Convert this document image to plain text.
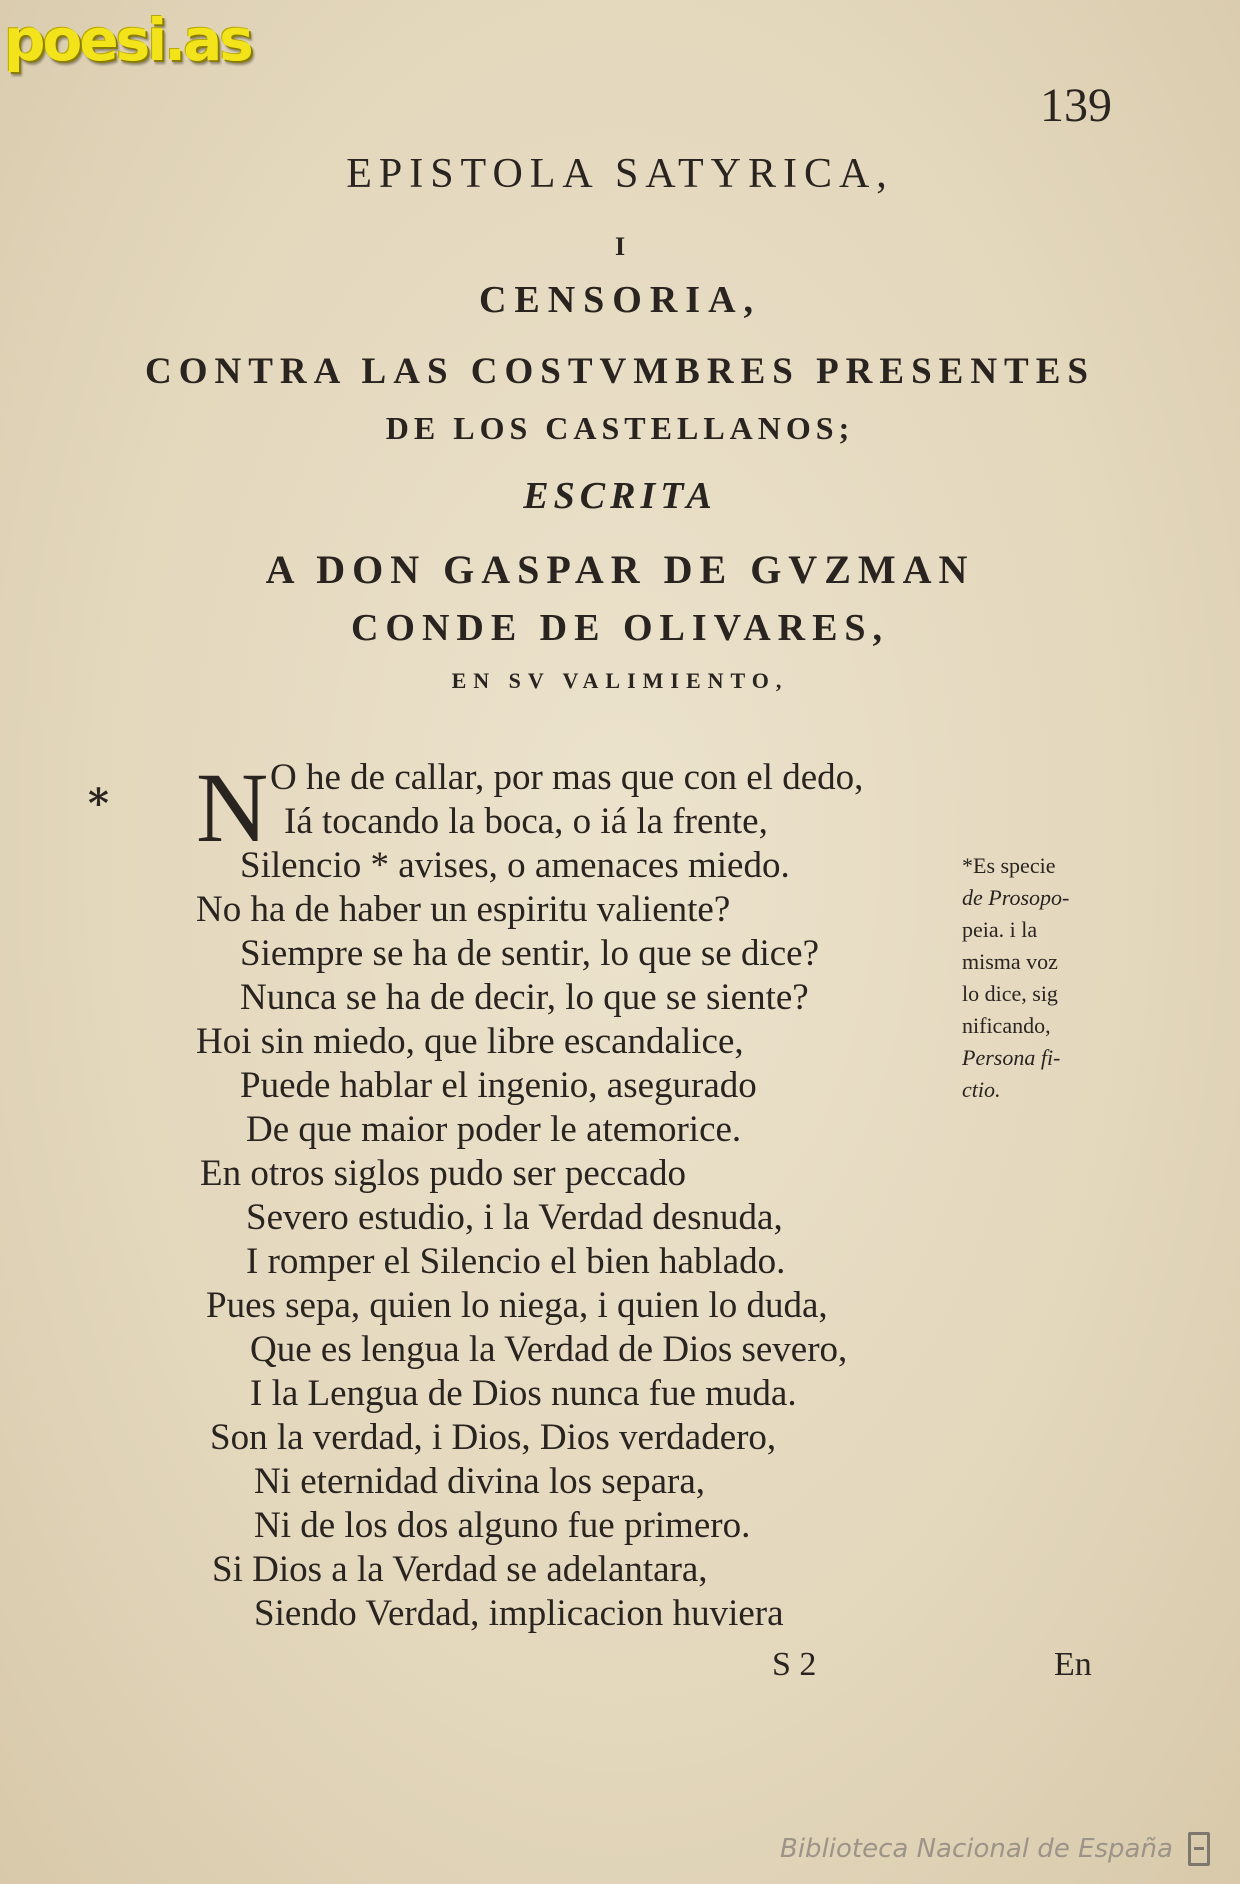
poesi.as
139
EPISTOLA SATYRICA,
I
CENSORIA,
CONTRA LAS COSTVMBRES PRESENTES
DE LOS CASTELLANOS;
ESCRITA
A DON GASPAR DE GVZMAN
CONDE DE OLIVARES,
EN SV VALIMIENTO,
* N O he de callar, por mas que con el dedo,
Iá tocando la boca, o iá la frente,
Silencio * avises, o amenaces miedo.
No ha de haber un espiritu valiente?
Siempre se ha de sentir, lo que se dice?
Nunca se ha de decir, lo que se siente?
Hoi sin miedo, que libre escandalice,
Puede hablar el ingenio, asegurado
De que maior poder le atemorice.
En otros siglos pudo ser peccado
Severo estudio, i la Verdad desnuda,
I romper el Silencio el bien hablado.
Pues sepa, quien lo niega, i quien lo duda,
Que es lengua la Verdad de Dios severo,
I la Lengua de Dios nunca fue muda.
Son la verdad, i Dios, Dios verdadero,
Ni eternidad divina los separa,
Ni de los dos alguno fue primero.
Si Dios a la Verdad se adelantara,
Siendo Verdad, implicacion huviera
*Es specie
de Prosopo-
peia. i la
misma voz
lo dice, sig
nificando,
Persona fi-
ctio.
S 2	En
Biblioteca Nacional de España
